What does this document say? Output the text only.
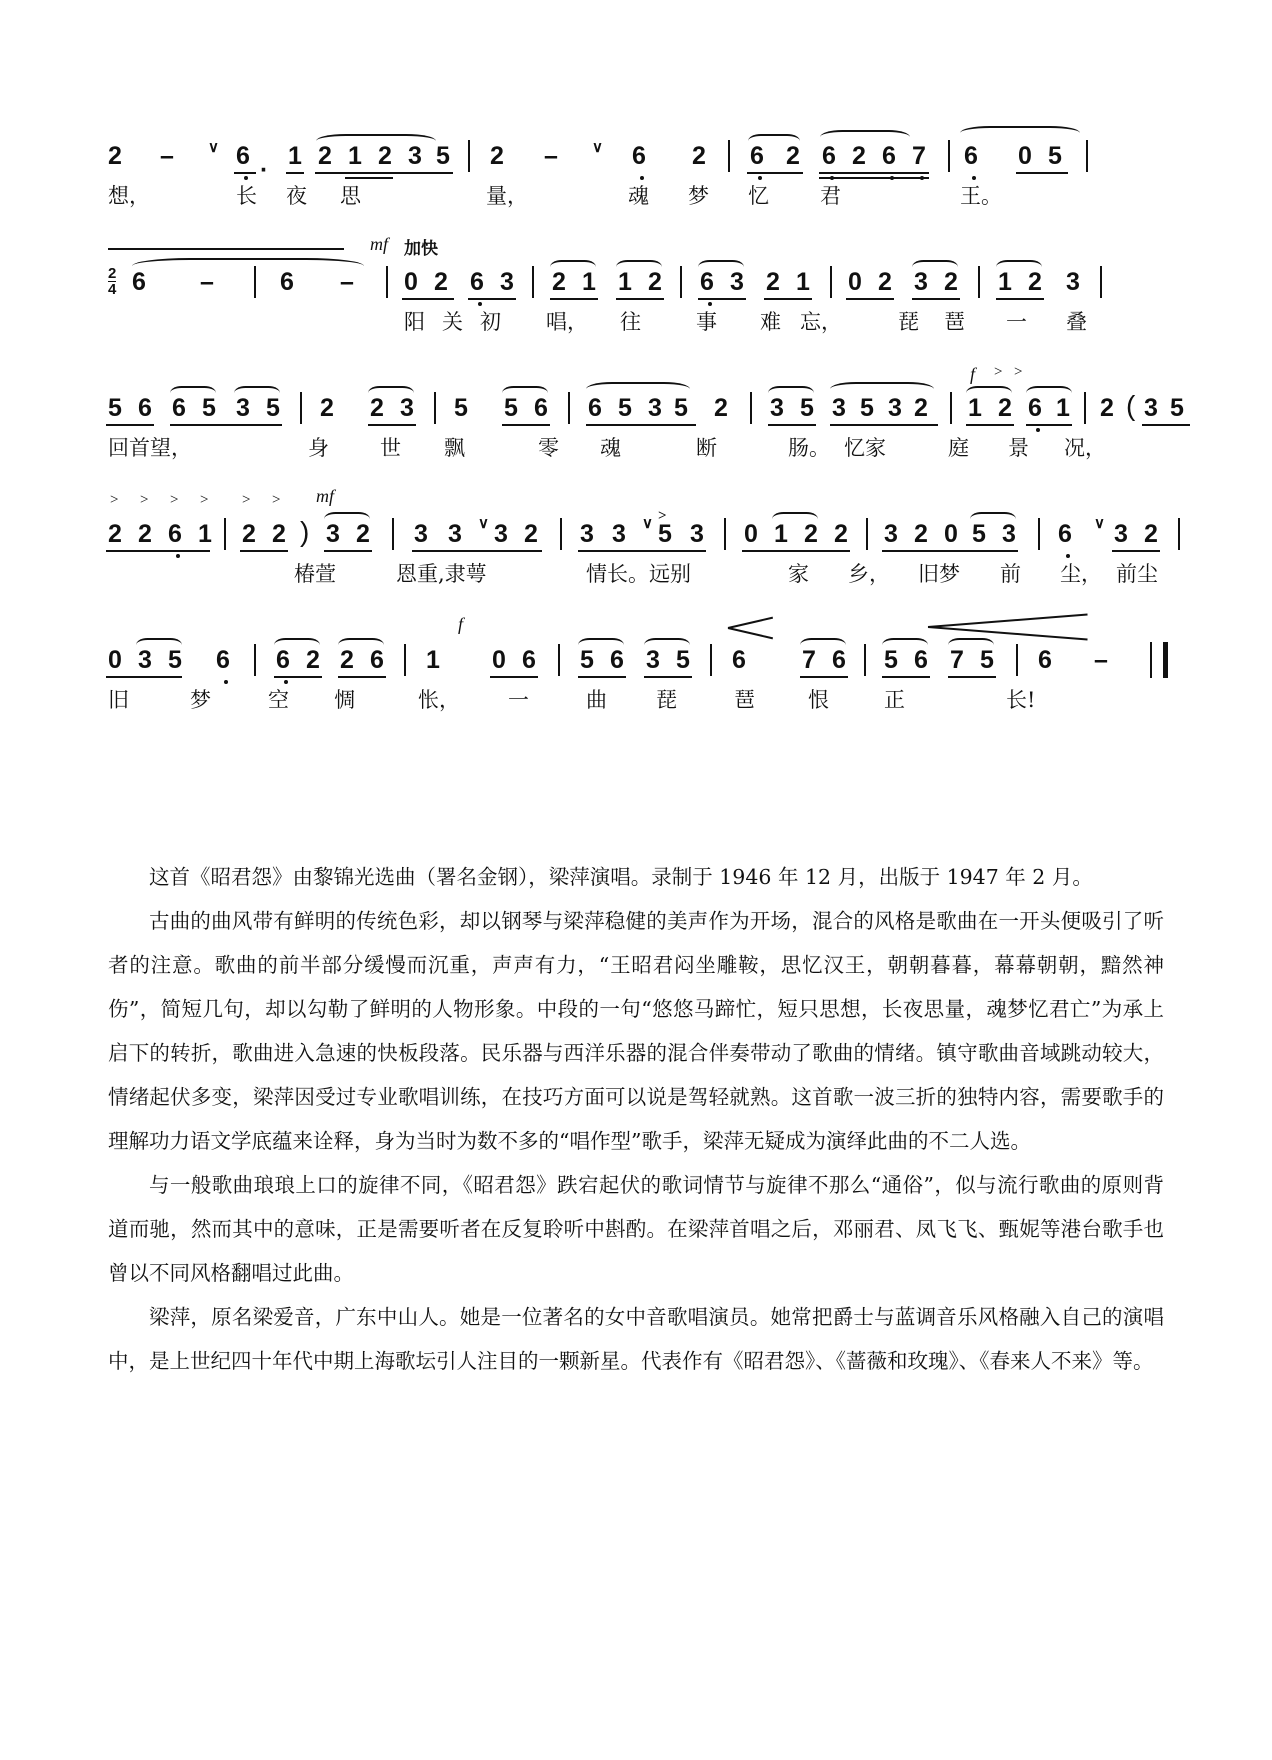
2 – ∨ 6 · 1 2 1 2 3 5 2 – ∨ 6 2 6 2 6 2 6 7 6 0 5
想，	长 夜 思	量，	魂 梦 忆 君	王。
mf 加快
$\frac{2}{4} 6$ –	6 – 0 2 6 3 2 1 1 2 6 3 2 1 0 2 3 2 1 2 3
阳 关 初 唱， 往	事 难 忘，	琵 琶 一 叠
f > >
5 6 6 5 3 5 2 2 3 5 5 6 6 5 3 5 2 3 5 3 5 3 2 1 2 6 1 2 ( 3 5
回首望，	身 世 飘	零 魂	断	肠。 忆家	庭 景 况，
> > > > > > mf
2 2 6 1 2 2 ) 3 2 3 3 ∨ 3 2 3 3 ∨ >
5 3 0 1 2 2 3 2 0 5 3 6 ∨ 3 2
椿萱	恩重,隶萼	情长。远别	家 乡， 旧梦 前 尘， 前尘
f
0 3 5 6 6 2 2 6 1 0 6 5 6 3 5 6 7 6 5 6 7 5 6 –
旧	梦	空 惆	怅， 一	曲 琵	琶	恨	正	长!

这首《昭君怨》由黎锦光选曲（署名金钢），梁萍演唱。录制于 1946 年 12 月，出版于 1947 年 2 月。

古曲的曲风带有鲜明的传统色彩，却以钢琴与梁萍稳健的美声作为开场，混合的风格是歌曲在一开头便吸引了听者的注意。歌曲的前半部分缓慢而沉重，声声有力，“王昭君闷坐雕鞍，思忆汉王，朝朝暮暮，幕幕朝朝，黯然神伤”，简短几句，却以勾勒了鲜明的人物形象。中段的一句“悠悠马蹄忙，短只思想，长夜思量，魂梦忆君亡”为承上启下的转折，歌曲进入急速的快板段落。民乐器与西洋乐器的混合伴奏带动了歌曲的情绪。镇守歌曲音域跳动较大，情绪起伏多变，梁萍因受过专业歌唱训练，在技巧方面可以说是驾轻就熟。这首歌一波三折的独特内容，需要歌手的理解功力语文学底蕴来诠释，身为当时为数不多的“唱作型”歌手，梁萍无疑成为演绎此曲的不二人选。

与一般歌曲琅琅上口的旋律不同，《昭君怨》跌宕起伏的歌词情节与旋律不那么“通俗”，似与流行歌曲的原则背道而驰，然而其中的意味，正是需要听者在反复聆听中斟酌。在梁萍首唱之后，邓丽君、凤飞飞、甄妮等港台歌手也曾以不同风格翻唱过此曲。

梁萍，原名梁爱音，广东中山人。她是一位著名的女中音歌唱演员。她常把爵士与蓝调音乐风格融入自己的演唱中，是上世纪四十年代中期上海歌坛引人注目的一颗新星。代表作有《昭君怨》、《蔷薇和玫瑰》、《春来人不来》等。
